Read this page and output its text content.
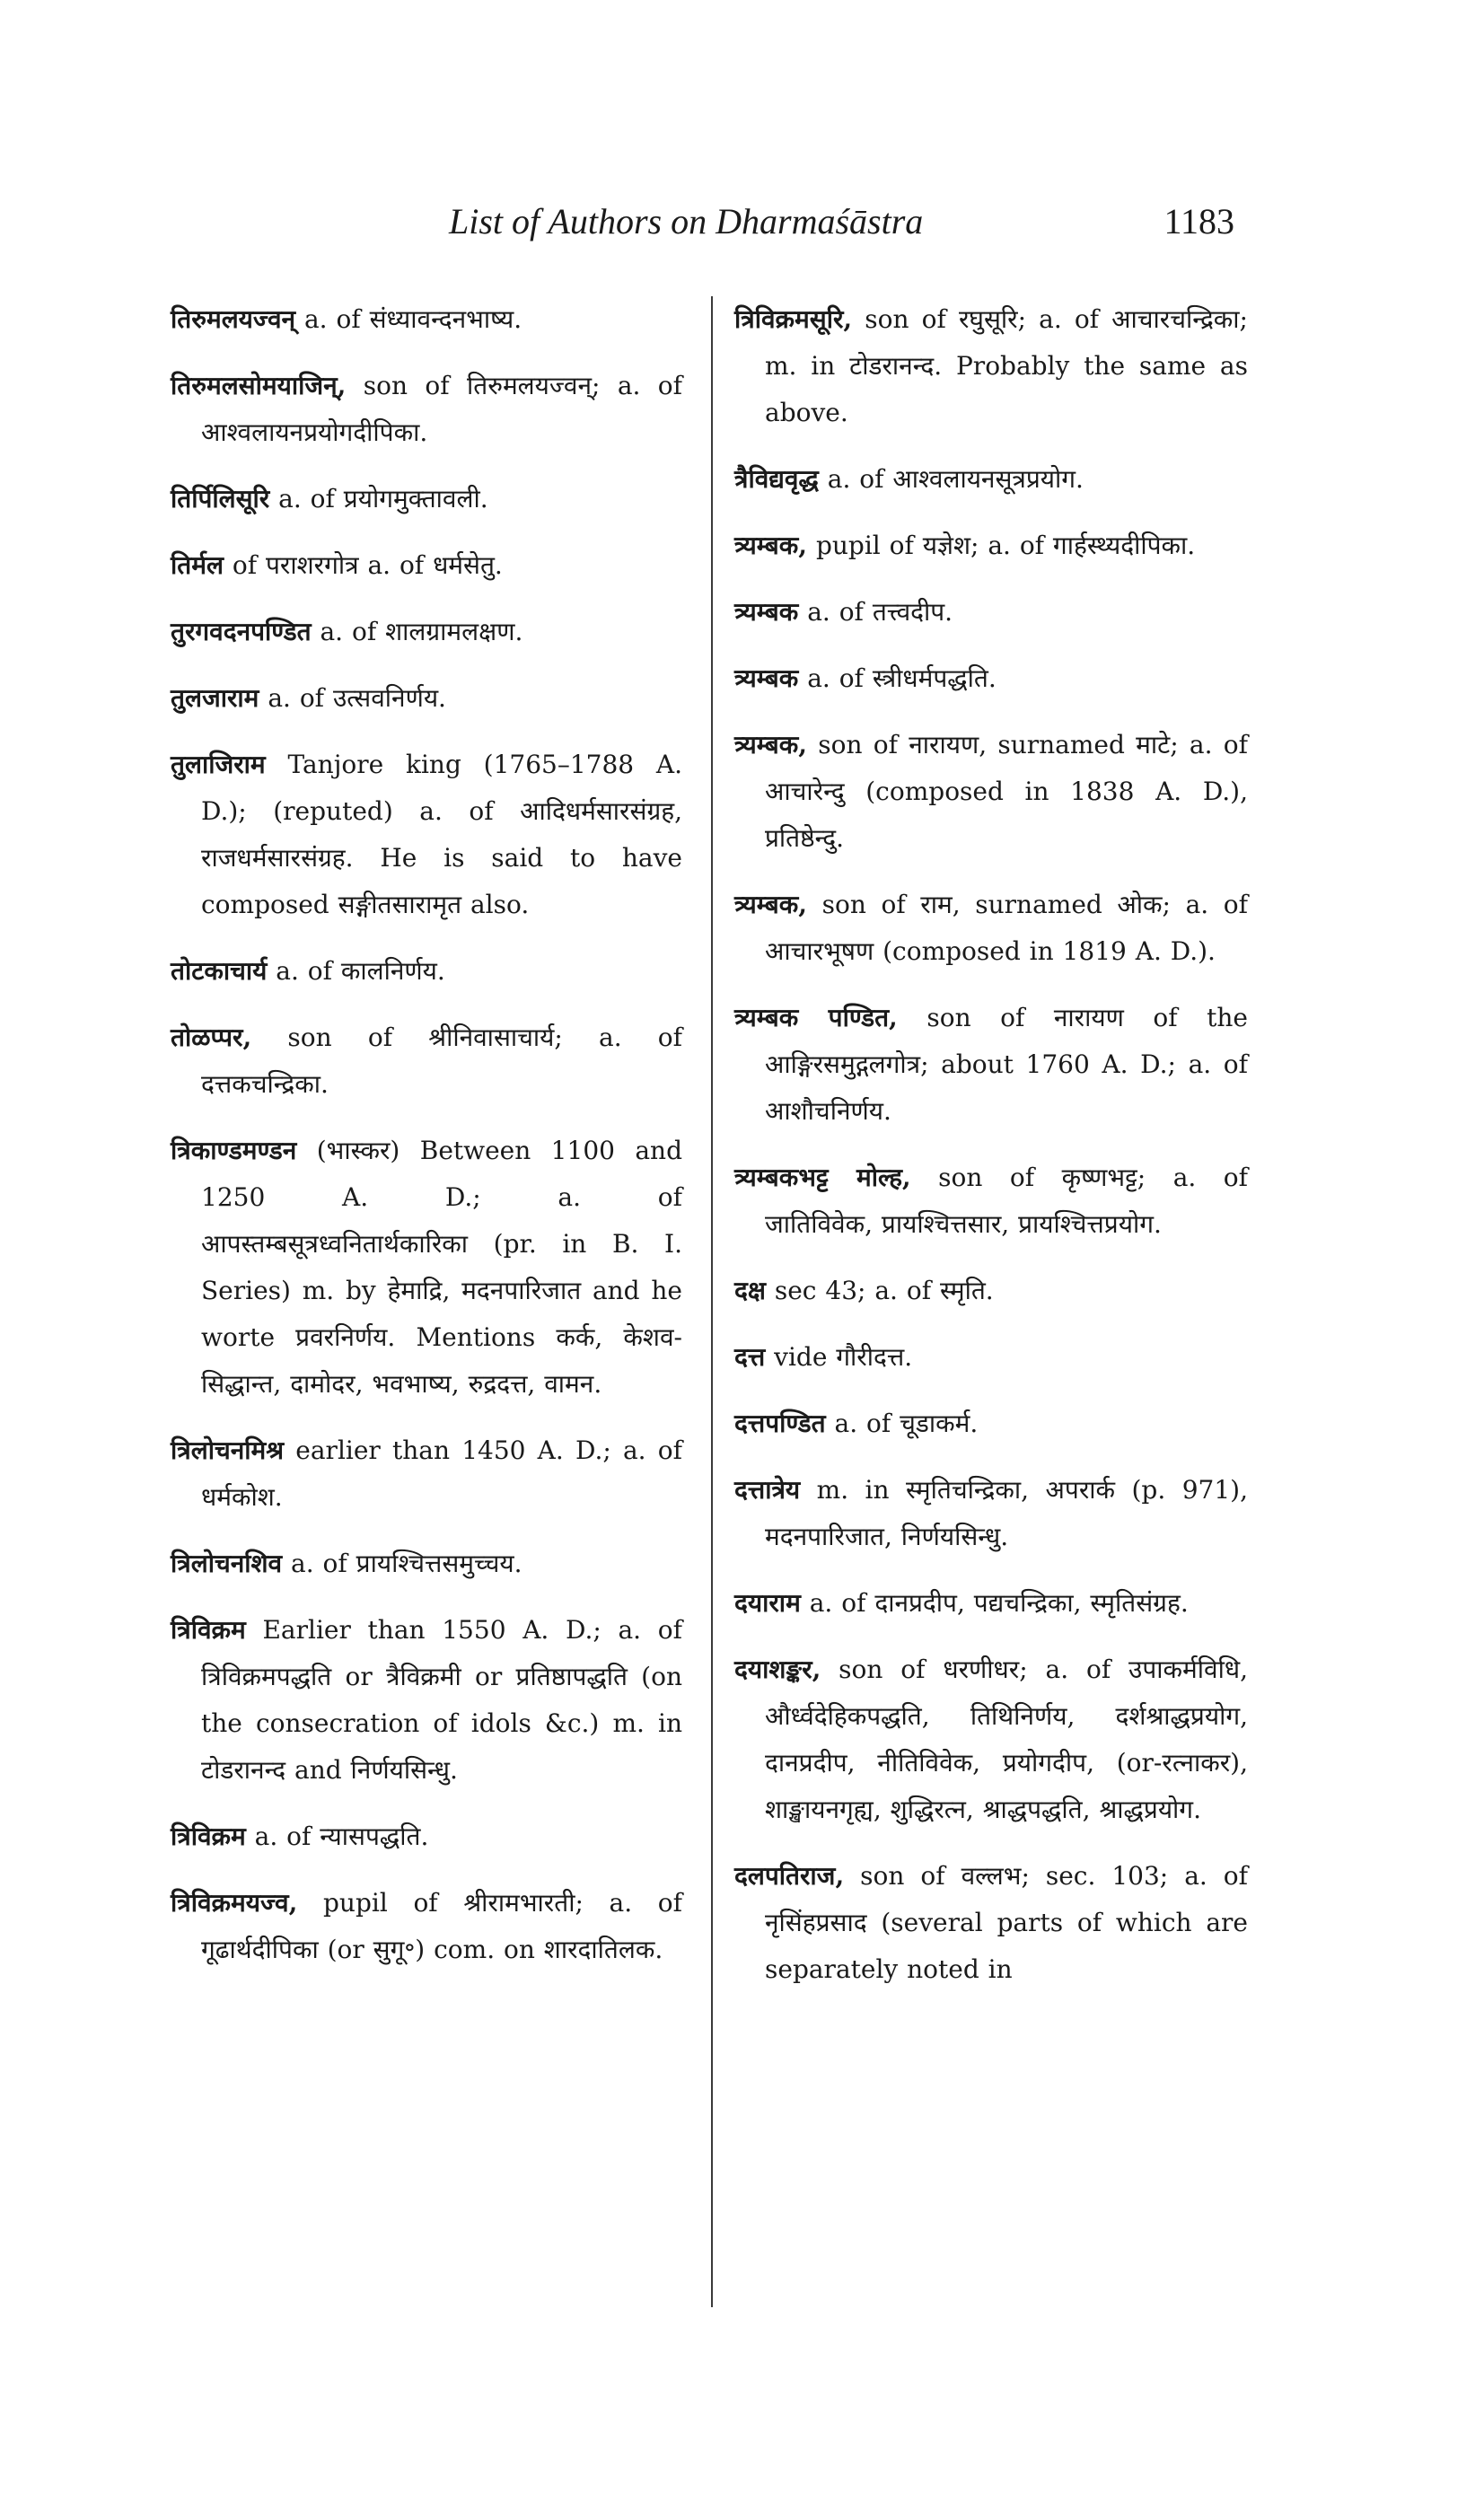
List of Authors on Dharmaśāstra	1183

तिरुमलयज्वन् a. of संध्यावन्दनभाष्य.

तिरुमलसोमयाजिन्, son of तिरुमलयज्वन्; a. of आश्वलायनप्रयोगदीपिका.

तिर्पिलिसूरि a. of प्रयोगमुक्तावली.

तिर्मल of पराशरगोत्र a. of धर्मसेतु.

तुरगवदनपण्डित a. of शालग्रामलक्षण.

तुलजाराम a. of उत्सवनिर्णय.

तुलाजिराम Tanjore king (1765–1788 A. D.); (reputed) a. of आदिधर्मसारसंग्रह, राजधर्मसारसंग्रह. He is said to have composed सङ्गीतसारामृत also.

तोटकाचार्य a. of कालनिर्णय.

तोळप्पर, son of श्रीनिवासाचार्य; a. of दत्तकचन्द्रिका.

त्रिकाण्डमण्डन (भास्कर) Between 1100 and 1250 A. D.; a. of आपस्तम्बसूत्रध्वनितार्थकारिका (pr. in B. I. Series) m. by हेमाद्रि, मदनपारिजात and he worte प्रवरनिर्णय. Mentions कर्क, केशव-सिद्धान्त, दामोदर, भवभाष्य, रुद्रदत्त, वामन.

त्रिलोचनमिश्र earlier than 1450 A. D.; a. of धर्मकोश.

त्रिलोचनशिव a. of प्रायश्चित्तसमुच्चय.

त्रिविक्रम Earlier than 1550 A. D.; a. of त्रिविक्रमपद्धति or त्रैविक्रमी or प्रतिष्ठापद्धति (on the consecration of idols &c.) m. in टोडरानन्द and निर्णयसिन्धु.

त्रिविक्रम a. of न्यासपद्धति.

त्रिविक्रमयज्व, pupil of श्रीरामभारती; a. of गूढार्थदीपिका (or सुगू॰) com. on शारदातिलक.

त्रिविक्रमसूरि, son of रघुसूरि; a. of आचारचन्द्रिका; m. in टोडरानन्द. Probably the same as above.

त्रैविद्यवृद्ध a. of आश्वलायनसूत्रप्रयोग.

त्र्यम्बक, pupil of यज्ञेश; a. of गार्हस्थ्यदीपिका.

त्र्यम्बक a. of तत्त्वदीप.

त्र्यम्बक a. of स्त्रीधर्मपद्धति.

त्र्यम्बक, son of नारायण, surnamed माटे; a. of आचारेन्दु (composed in 1838 A. D.), प्रतिष्ठेन्दु.

त्र्यम्बक, son of राम, surnamed ओक; a. of आचारभूषण (composed in 1819 A. D.).

त्र्यम्बक पण्डित, son of नारायण of the आङ्गिरसमुद्गलगोत्र; about 1760 A. D.; a. of आशौचनिर्णय.

त्र्यम्बकभट्ट मोल्ह, son of कृष्णभट्ट; a. of जातिविवेक, प्रायश्चित्तसार, प्रायश्चित्तप्रयोग.

दक्ष sec 43; a. of स्मृति.

दत्त vide गौरीदत्त.

दत्तपण्डित a. of चूडाकर्म.

दत्तात्रेय m. in स्मृतिचन्द्रिका, अपरार्क (p. 971), मदनपारिजात, निर्णयसिन्धु.

दयाराम a. of दानप्रदीप, पद्यचन्द्रिका, स्मृतिसंग्रह.

दयाशङ्कर, son of धरणीधर; a. of उपाकर्मविधि, और्ध्वदेहिकपद्धति, तिथिनिर्णय, दर्शश्राद्धप्रयोग, दानप्रदीप, नीतिविवेक, प्रयोगदीप, (or-रत्नाकर), शाङ्खायनगृह्य, शुद्धिरत्न, श्राद्धपद्धति, श्राद्धप्रयोग.

दलपतिराज, son of वल्लभ; sec. 103; a. of नृसिंहप्रसाद (several parts of which are separately noted in
